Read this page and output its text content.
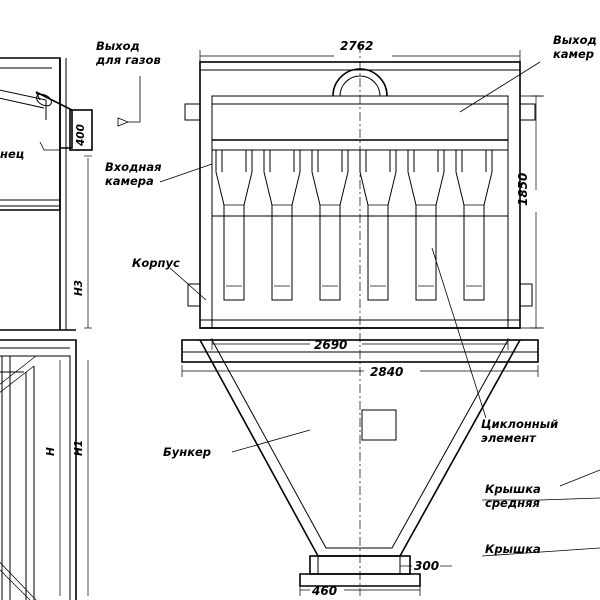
Выход
для газов
нец
Входная
камера
Корпус
Бункер
Выход
камер
Циклонный
элемент
Крышка
средняя
Крышка
2762
1850
2690
2840
460
300
400
Н3
Н Н1
